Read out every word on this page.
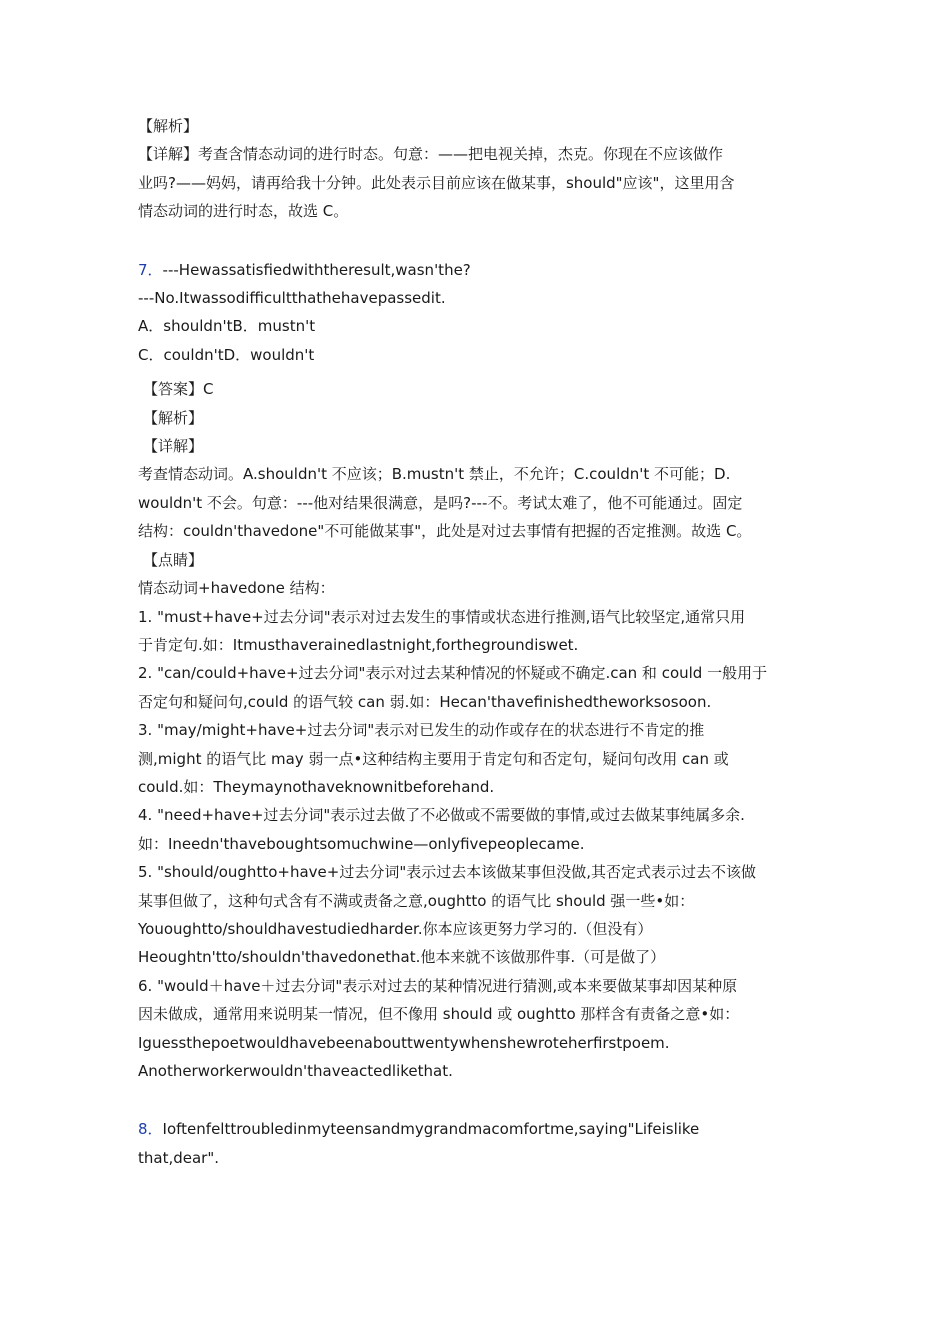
【解析】
【详解】考查含情态动词的进行时态。句意：——把电视关掉，杰克。你现在不应该做作
业吗?——妈妈，请再给我十分钟。此处表示目前应该在做某事，should"应该"，这里用含
情态动词的进行时态，故选 C。
7．---Hewassatisfiedwiththeresult,wasn'the?
---No.Itwassodifficultthathehavepassedit.
A．shouldn'tB．mustn't
C．couldn'tD．wouldn't
【答案】C
【解析】
【详解】
考查情态动词。A.shouldn't 不应该；B.mustn't 禁止，不允许；C.couldn't 不可能；D.
wouldn't 不会。句意：---他对结果很满意，是吗?---不。考试太难了，他不可能通过。固定
结构：couldn'thavedone"不可能做某事"，此处是对过去事情有把握的否定推测。故选 C。
【点睛】
情态动词+havedone 结构：
1. "must+have+过去分词"表示对过去发生的事情或状态进行推测,语气比较坚定,通常只用
于肯定句.如：Itmusthaverainedlastnight,forthegroundiswet.
2. "can/could+have+过去分词"表示对过去某种情况的怀疑或不确定.can 和 could 一般用于
否定句和疑问句,could 的语气较 can 弱.如：Hecan'thavefinishedtheworksosoon.
3. "may/might+have+过去分词"表示对已发生的动作或存在的状态进行不肯定的推
测,might 的语气比 may 弱一点•这种结构主要用于肯定句和否定句，疑问句改用 can 或
could.如：Theymaynothaveknownitbeforehand.
4. "need+have+过去分词"表示过去做了不必做或不需要做的事情,或过去做某事纯属多余.
如：Ineedn'thaveboughtsomuchwine—onlyfivepeoplecame.
5. "should/oughtto+have+过去分词"表示过去本该做某事但没做,其否定式表示过去不该做
某事但做了，这种句式含有不满或责备之意,oughtto 的语气比 should 强一些•如：
Yououghtto/shouldhavestudiedharder.你本应该更努力学习的.（但没有）
Heoughtn'tto/shouldn'thavedonethat.他本来就不该做那件事.（可是做了）
6. "would＋have＋过去分词"表示对过去的某种情况进行猜测,或本来要做某事却因某种原
因未做成，通常用来说明某一情况，但不像用 should 或 oughtto 那样含有责备之意•如：
Iguessthepoetwouldhavebeenabouttwentywhenshewroteherfirstpoem.
Anotherworkerwouldn'thaveactedlikethat.
8．Ioftenfelttroubledinmyteensandmygrandmacomfortme,saying"Lifeislike
that,dear".
